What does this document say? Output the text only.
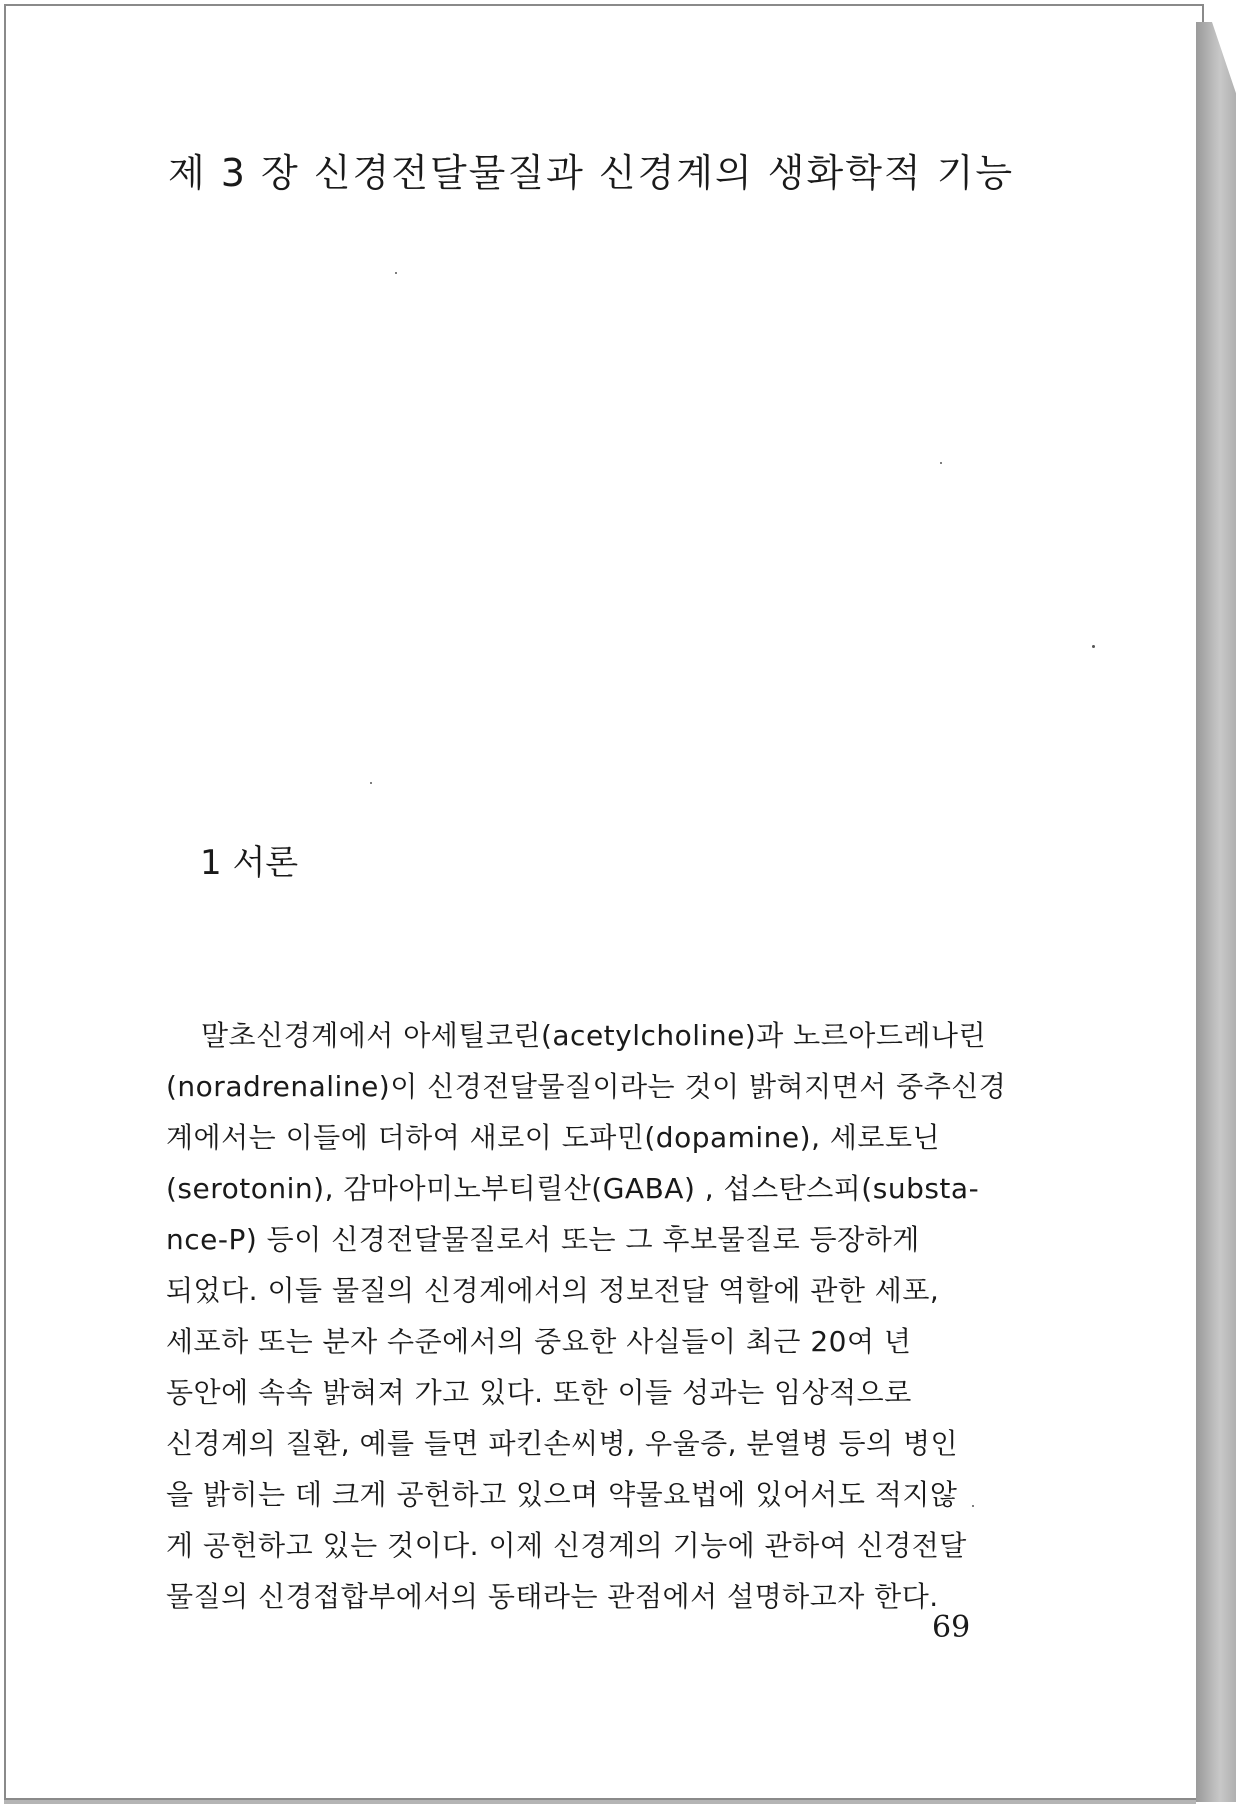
제 3 장 신경전달물질과 신경계의 생화학적 기능
1 서론
말초신경계에서 아세틸코린(acetylcholine)과 노르아드레나린
(noradrenaline)이 신경전달물질이라는 것이 밝혀지면서 중추신경
계에서는 이들에 더하여 새로이 도파민(dopamine), 세로토닌
(serotonin), 감마아미노부티릴산(GABA) , 섭스탄스피(substa-
nce-P) 등이 신경전달물질로서 또는 그 후보물질로 등장하게
되었다. 이들 물질의 신경계에서의 정보전달 역할에 관한 세포,
세포하 또는 분자 수준에서의 중요한 사실들이 최근 20여 년
동안에 속속 밝혀져 가고 있다. 또한 이들 성과는 임상적으로
신경계의 질환, 예를 들면 파킨손씨병, 우울증, 분열병 등의 병인
을 밝히는 데 크게 공헌하고 있으며 약물요법에 있어서도 적지않
게 공헌하고 있는 것이다. 이제 신경계의 기능에 관하여 신경전달
물질의 신경접합부에서의 동태라는 관점에서 설명하고자 한다.
69
